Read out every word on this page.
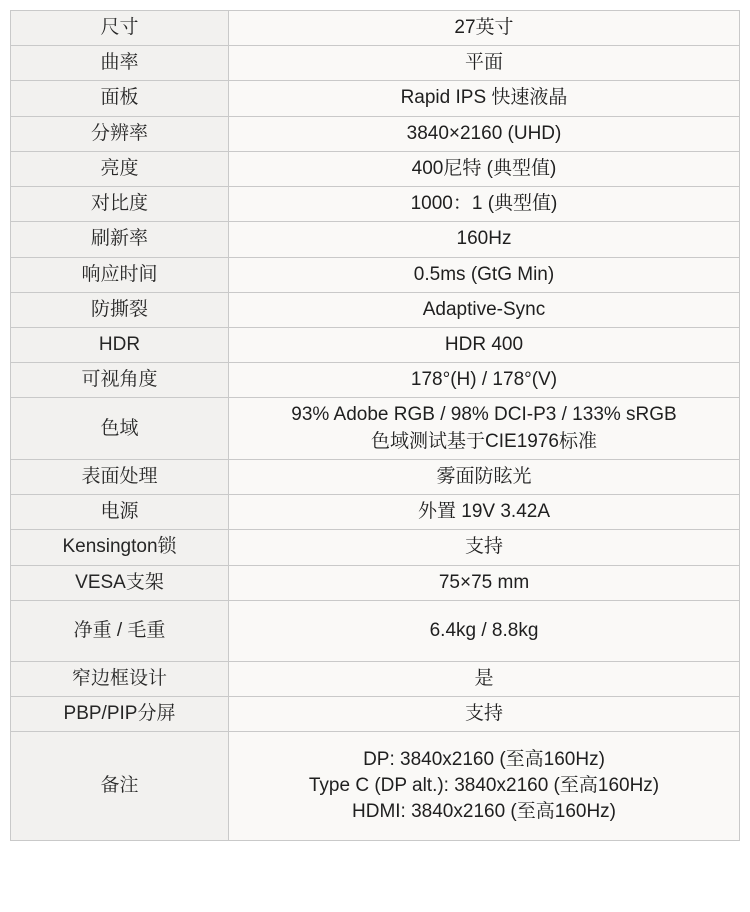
尺寸	27英寸

曲率	平面

面板	Rapid IPS 快速液晶

分辨率	3840×2160 (UHD)

亮度	400尼特 (典型值)

对比度	1000：1 (典型值)

刷新率	160Hz

响应时间	0.5ms (GtG Min)

防撕裂	Adaptive-Sync

HDR	HDR 400

可视角度	178°(H) / 178°(V)

色域	93% Adobe RGB / 98% DCI-P3 / 133% sRGB
色域测试基于CIE1976标准

表面处理	雾面防眩光

电源	外置 19V 3.42A

Kensington锁	支持

VESA支架	75×75 mm

净重 / 毛重	6.4kg / 8.8kg

窄边框设计	是

PBP/PIP分屏	支持

备注	DP: 3840x2160 (至高160Hz)
Type C (DP alt.): 3840x2160 (至高160Hz)
HDMI: 3840x2160 (至高160Hz)
